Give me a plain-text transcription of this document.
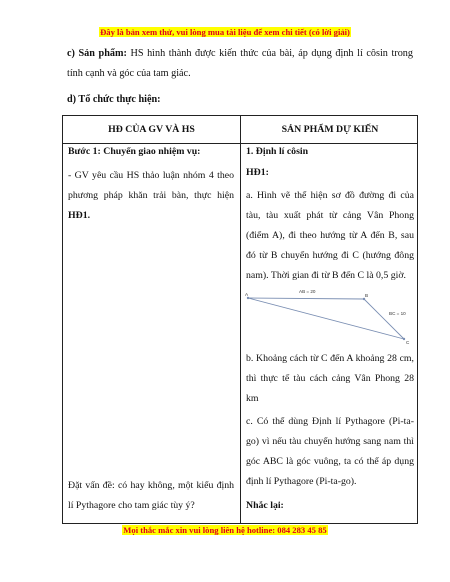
Đây là bản xem thử, vui lòng mua tài liệu để xem chi tiết (có lời giải)

c) Sản phẩm: HS hình thành được kiến thức của bài, áp dụng định lí côsin trong tính cạnh và góc của tam giác.

d) Tổ chức thực hiện:

HĐ CỦA GV VÀ HS	SẢN PHẨM DỰ KIẾN
Bước 1: Chuyển giao nhiệm vụ:
- GV yêu cầu HS thảo luận nhóm 4 theo phương pháp khăn trải bàn, thực hiện HĐ1.
Đặt vấn đề: có hay không, một kiểu định lí Pythagore cho tam giác tùy ý?
1. Định lí côsin
HĐ1:
a. Hình vẽ thể hiện sơ đồ đường đi của tàu, tàu xuất phát từ cảng Vân Phong (điểm A), đi theo hướng từ A đến B, sau đó từ B chuyển hướng đi C (hướng đông nam). Thời gian đi từ B đến C là 0,5 giờ.
A	B
C
AB = 20
BC = 10
b. Khoảng cách từ C đến A khoảng 28 cm, thì thực tế tàu cách cảng Vân Phong 28 km
c. Có thể dùng Định lí Pythagore (Pi-ta-go) vì nếu tàu chuyển hướng sang nam thì góc ABC là góc vuông, ta có thể áp dụng định lí Pythagore (Pi-ta-go).
Nhắc lại:
Mọi thắc mắc xin vui lòng liên hệ hotline: 084 283 45 85
